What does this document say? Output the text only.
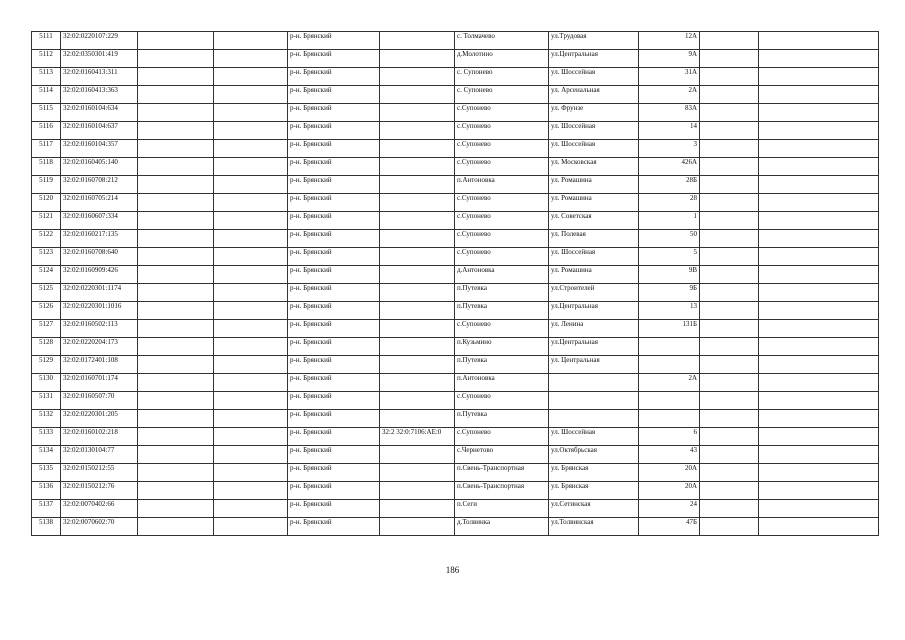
5111	32:02:0220107:229			р-н. Брянский		с. Толмачево	ул.Трудовая	12А		
5112	32:02:0350301:419			р-н. Брянский		д.Молотино	ул.Центральная	9А		
5113	32:02:0160413:311			р-н. Брянский		с. Супонево	ул. Шоссейная	31А		
5114	32:02:0160413:363			р-н. Брянский		с. Супонево	ул. Арсенальная	2А		
5115	32:02:0160104:634			р-н. Брянский		с.Супонево	ул. Фрунзе	83А		
5116	32:02:0160104:637			р-н. Брянский		с.Супонево	ул. Шоссейная	14		
5117	32:02:0160104:357			р-н. Брянский		с.Супонево	ул. Шоссейная	3		
5118	32:02:0160405:140			р-н. Брянский		с.Супонево	ул. Московская	426А		
5119	32:02:0160708:212			р-н. Брянский		п.Антоновка	ул. Ромашина	28Б		
5120	32:02:0160705:214			р-н. Брянский		с.Супонево	ул. Ромашина	28		
5121	32:02:0160607:334			р-н. Брянский		с.Супонево	ул. Советская	1		
5122	32:02:0160217:135			р-н. Брянский		с.Супонево	ул. Полевая	50		
5123	32:02:0160708:640			р-н. Брянский		с.Супонево	ул. Шоссейная	5		
5124	32:02:0160909:426			р-н. Брянский		д.Антоновка	ул. Ромашина	9В		
5125	32:02:0220301:1174			р-н. Брянский		п.Путевка	ул.Строителей	9Б		
5126	32:02:0220301:1016			р-н. Брянский		п.Путевка	ул.Центральная	13		
5127	32:02:0160502:113			р-н. Брянский		с.Супонево	ул. Ленина	131Б		
5128	32:02:0220204:173			р-н. Брянский		п.Кузьмино	ул.Центральная			
5129	32:02:0172401:108			р-н. Брянский		п.Путевка	ул. Центральная			
5130	32:02:0160701:174			р-н. Брянский		п.Антоновка		2А		
5131	32:02:0160507:70			р-н. Брянский		с.Супонево				
5132	32:02:0220301:205			р-н. Брянский		п.Путевка				
5133	32:02:0160102:218			р-н. Брянский	32:2 32:0:7106:АЕ:0	с.Супонево	ул. Шоссейная	6		
5134	32:02:0130104:77			р-н. Брянский		с.Чернетово	ул.Октябрьская	43		
5135	32:02:0150212:55			р-н. Брянский		п.Свень-Транспортная	ул. Брянская	20А		
5136	32:02:0150212:76			р-н. Брянский		п.Свень-Транспортная	ул. Брянская	20А		
5137	32:02:0070402:66			р-н. Брянский		п.Сеги	ул.Сетинская	24		
5138	32:02:0070602:70			р-н. Брянский		д.Толвинка	ул.Толвинская	47Б		
186
